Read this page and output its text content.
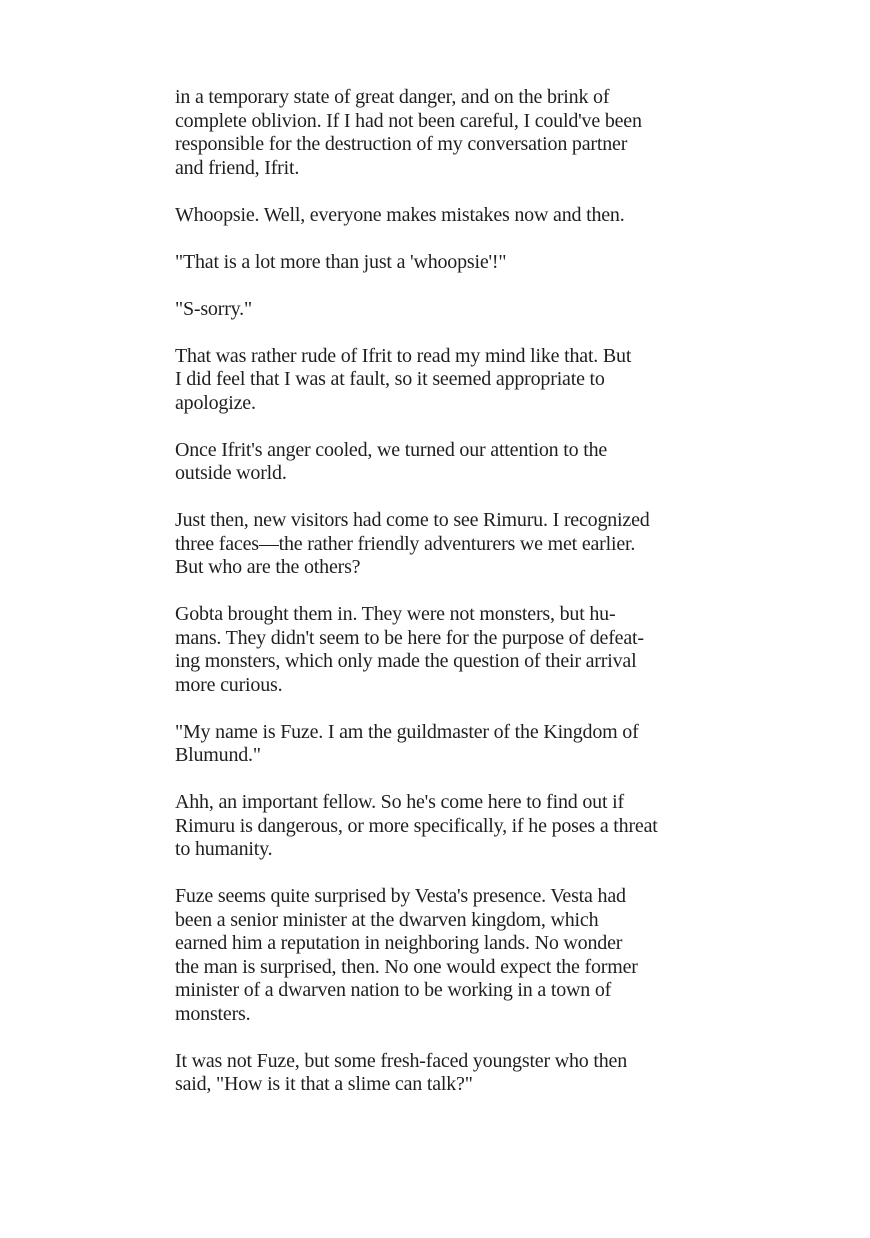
in a temporary state of great danger, and on the brink of
complete oblivion. If I had not been careful, I could've been
responsible for the destruction of my conversation partner
and friend, Ifrit.
Whoopsie. Well, everyone makes mistakes now and then.
"That is a lot more than just a 'whoopsie'!"
"S-sorry."
That was rather rude of Ifrit to read my mind like that. But
I did feel that I was at fault, so it seemed appropriate to
apologize.
Once Ifrit's anger cooled, we turned our attention to the
outside world.
Just then, new visitors had come to see Rimuru. I recognized
three faces—the rather friendly adventurers we met earlier.
But who are the others?
Gobta brought them in. They were not monsters, but hu-
mans. They didn't seem to be here for the purpose of defeat-
ing monsters, which only made the question of their arrival
more curious.
"My name is Fuze. I am the guildmaster of the Kingdom of
Blumund."
Ahh, an important fellow. So he's come here to find out if
Rimuru is dangerous, or more specifically, if he poses a threat
to humanity.
Fuze seems quite surprised by Vesta's presence. Vesta had
been a senior minister at the dwarven kingdom, which
earned him a reputation in neighboring lands. No wonder
the man is surprised, then. No one would expect the former
minister of a dwarven nation to be working in a town of
monsters.
It was not Fuze, but some fresh-faced youngster who then
said, "How is it that a slime can talk?"
